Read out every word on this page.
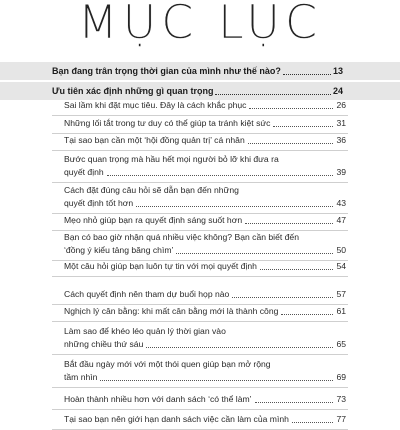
MỤC LỤC
Bạn đang trân trọng thời gian của mình như thế nào?	13
Ưu tiên xác định những gì quan trọng	24
Sai lầm khi đặt mục tiêu. Đây là cách khắc phục	26
Những lối tắt trong tư duy có thể giúp ta tránh kiệt sức	31
Tại sao bạn cần một ‘hội đồng quản trị’ cá nhân	36
Bước quan trọng mà hầu hết mọi người bỏ lỡ khi đưa ra
quyết định	39
Cách đặt đúng câu hỏi sẽ dẫn bạn đến những
quyết định tốt hơn	43
Mẹo nhỏ giúp bạn ra quyết định sáng suốt hơn	47
Bạn có bao giờ nhận quá nhiều việc không? Bạn cần biết đến
‘đồng ý kiểu tảng băng chìm’	50
Một câu hỏi giúp bạn luôn tự tin với mọi quyết định	54
Cách quyết định nên tham dự buổi họp nào	57
Nghịch lý cân bằng: khi mất cân bằng mới là thành công	61
Làm sao để khéo léo quản lý thời gian vào
những chiều thứ sáu	65
Bắt đầu ngày mới với một thói quen giúp bạn mở rộng
tầm nhìn	69
Hoàn thành nhiều hơn với danh sách ‘có thể làm’	73
Tại sao bạn nên giới hạn danh sách việc cần làm của mình	77
